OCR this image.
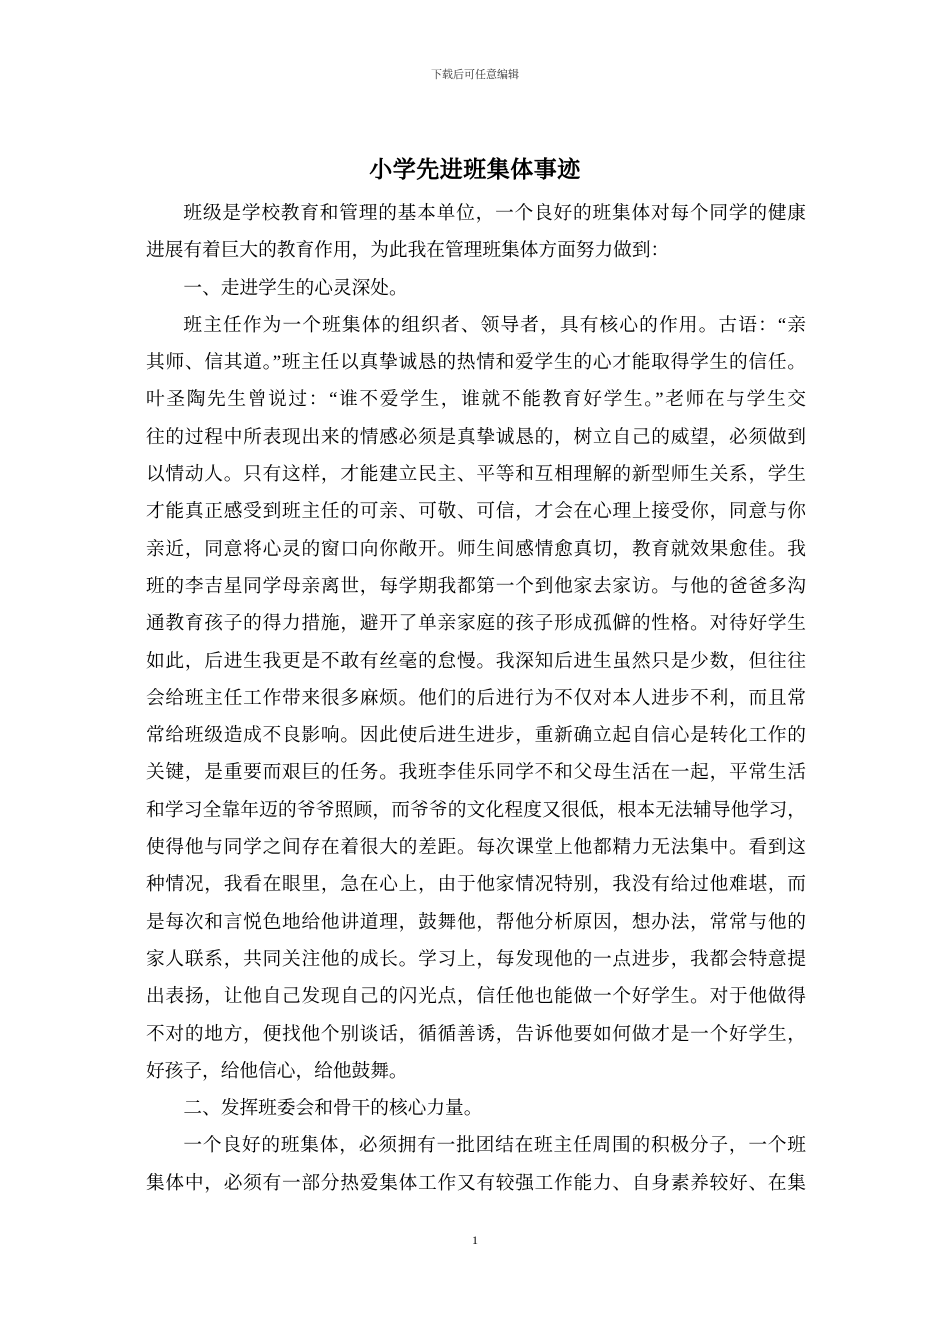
下载后可任意编辑
小学先进班集体事迹
班级是学校教育和管理的基本单位，一个良好的班集体对每个同学的健康
进展有着巨大的教育作用，为此我在管理班集体方面努力做到：
一、走进学生的心灵深处。
班主任作为一个班集体的组织者、领导者，具有核心的作用。古语：“亲
其师、信其道。”班主任以真挚诚恳的热情和爱学生的心才能取得学生的信任。
叶圣陶先生曾说过：“谁不爱学生，谁就不能教育好学生。”老师在与学生交
往的过程中所表现出来的情感必须是真挚诚恳的，树立自己的威望，必须做到
以情动人。只有这样，才能建立民主、平等和互相理解的新型师生关系，学生
才能真正感受到班主任的可亲、可敬、可信，才会在心理上接受你，同意与你
亲近，同意将心灵的窗口向你敞开。师生间感情愈真切，教育就效果愈佳。我
班的李吉星同学母亲离世，每学期我都第一个到他家去家访。与他的爸爸多沟
通教育孩子的得力措施，避开了单亲家庭的孩子形成孤僻的性格。对待好学生
如此，后进生我更是不敢有丝毫的怠慢。我深知后进生虽然只是少数，但往往
会给班主任工作带来很多麻烦。他们的后进行为不仅对本人进步不利，而且常
常给班级造成不良影响。因此使后进生进步，重新确立起自信心是转化工作的
关键，是重要而艰巨的任务。我班李佳乐同学不和父母生活在一起，平常生活
和学习全靠年迈的爷爷照顾，而爷爷的文化程度又很低，根本无法辅导他学习，
使得他与同学之间存在着很大的差距。每次课堂上他都精力无法集中。看到这
种情况，我看在眼里，急在心上，由于他家情况特别，我没有给过他难堪，而
是每次和言悦色地给他讲道理，鼓舞他，帮他分析原因，想办法，常常与他的
家人联系，共同关注他的成长。学习上，每发现他的一点进步，我都会特意提
出表扬，让他自己发现自己的闪光点，信任他也能做一个好学生。对于他做得
不对的地方，便找他个别谈话，循循善诱，告诉他要如何做才是一个好学生，
好孩子，给他信心，给他鼓舞。
二、发挥班委会和骨干的核心力量。
一个良好的班集体，必须拥有一批团结在班主任周围的积极分子，一个班
集体中，必须有一部分热爱集体工作又有较强工作能力、自身素养较好、在集
1
